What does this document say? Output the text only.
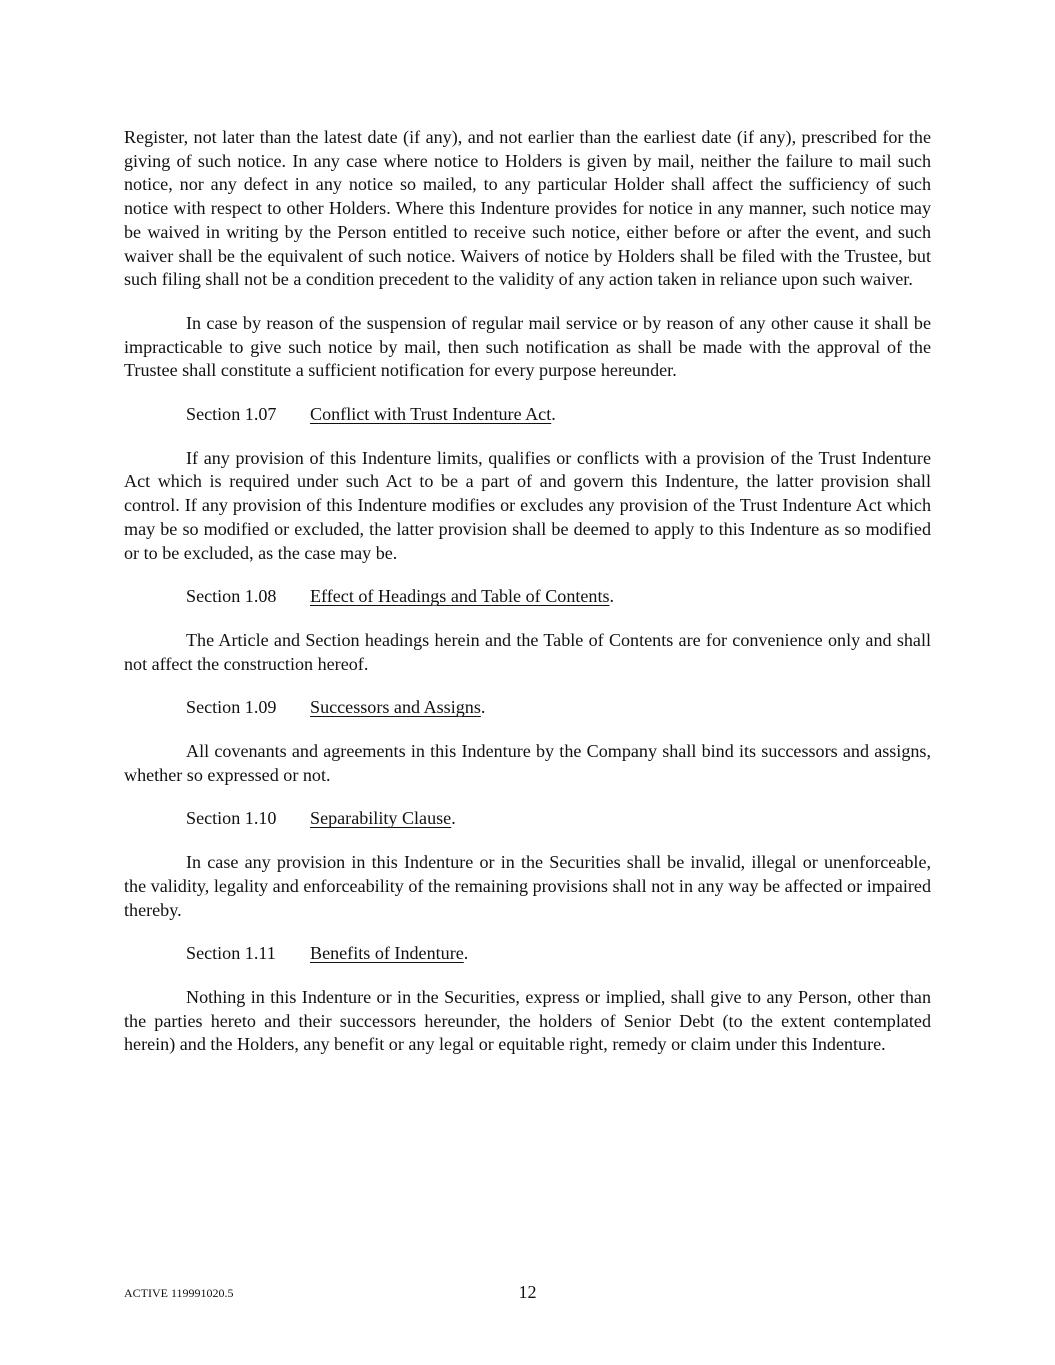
Register, not later than the latest date (if any), and not earlier than the earliest date (if any), prescribed for the giving of such notice. In any case where notice to Holders is given by mail, neither the failure to mail such notice, nor any defect in any notice so mailed, to any particular Holder shall affect the sufficiency of such notice with respect to other Holders. Where this Indenture provides for notice in any manner, such notice may be waived in writing by the Person entitled to receive such notice, either before or after the event, and such waiver shall be the equivalent of such notice. Waivers of notice by Holders shall be filed with the Trustee, but such filing shall not be a condition precedent to the validity of any action taken in reliance upon such waiver.

In case by reason of the suspension of regular mail service or by reason of any other cause it shall be impracticable to give such notice by mail, then such notification as shall be made with the approval of the Trustee shall constitute a sufficient notification for every purpose hereunder.

Section 1.07 Conflict with Trust Indenture Act.

If any provision of this Indenture limits, qualifies or conflicts with a provision of the Trust Indenture Act which is required under such Act to be a part of and govern this Indenture, the latter provision shall control. If any provision of this Indenture modifies or excludes any provision of the Trust Indenture Act which may be so modified or excluded, the latter provision shall be deemed to apply to this Indenture as so modified or to be excluded, as the case may be.

Section 1.08 Effect of Headings and Table of Contents.

The Article and Section headings herein and the Table of Contents are for convenience only and shall not affect the construction hereof.

Section 1.09 Successors and Assigns.

All covenants and agreements in this Indenture by the Company shall bind its successors and assigns, whether so expressed or not.

Section 1.10 Separability Clause.

In case any provision in this Indenture or in the Securities shall be invalid, illegal or unenforceable, the validity, legality and enforceability of the remaining provisions shall not in any way be affected or impaired thereby.

Section 1.11 Benefits of Indenture.

Nothing in this Indenture or in the Securities, express or implied, shall give to any Person, other than the parties hereto and their successors hereunder, the holders of Senior Debt (to the extent contemplated herein) and the Holders, any benefit or any legal or equitable right, remedy or claim under this Indenture.

ACTIVE 119991020.5	12
